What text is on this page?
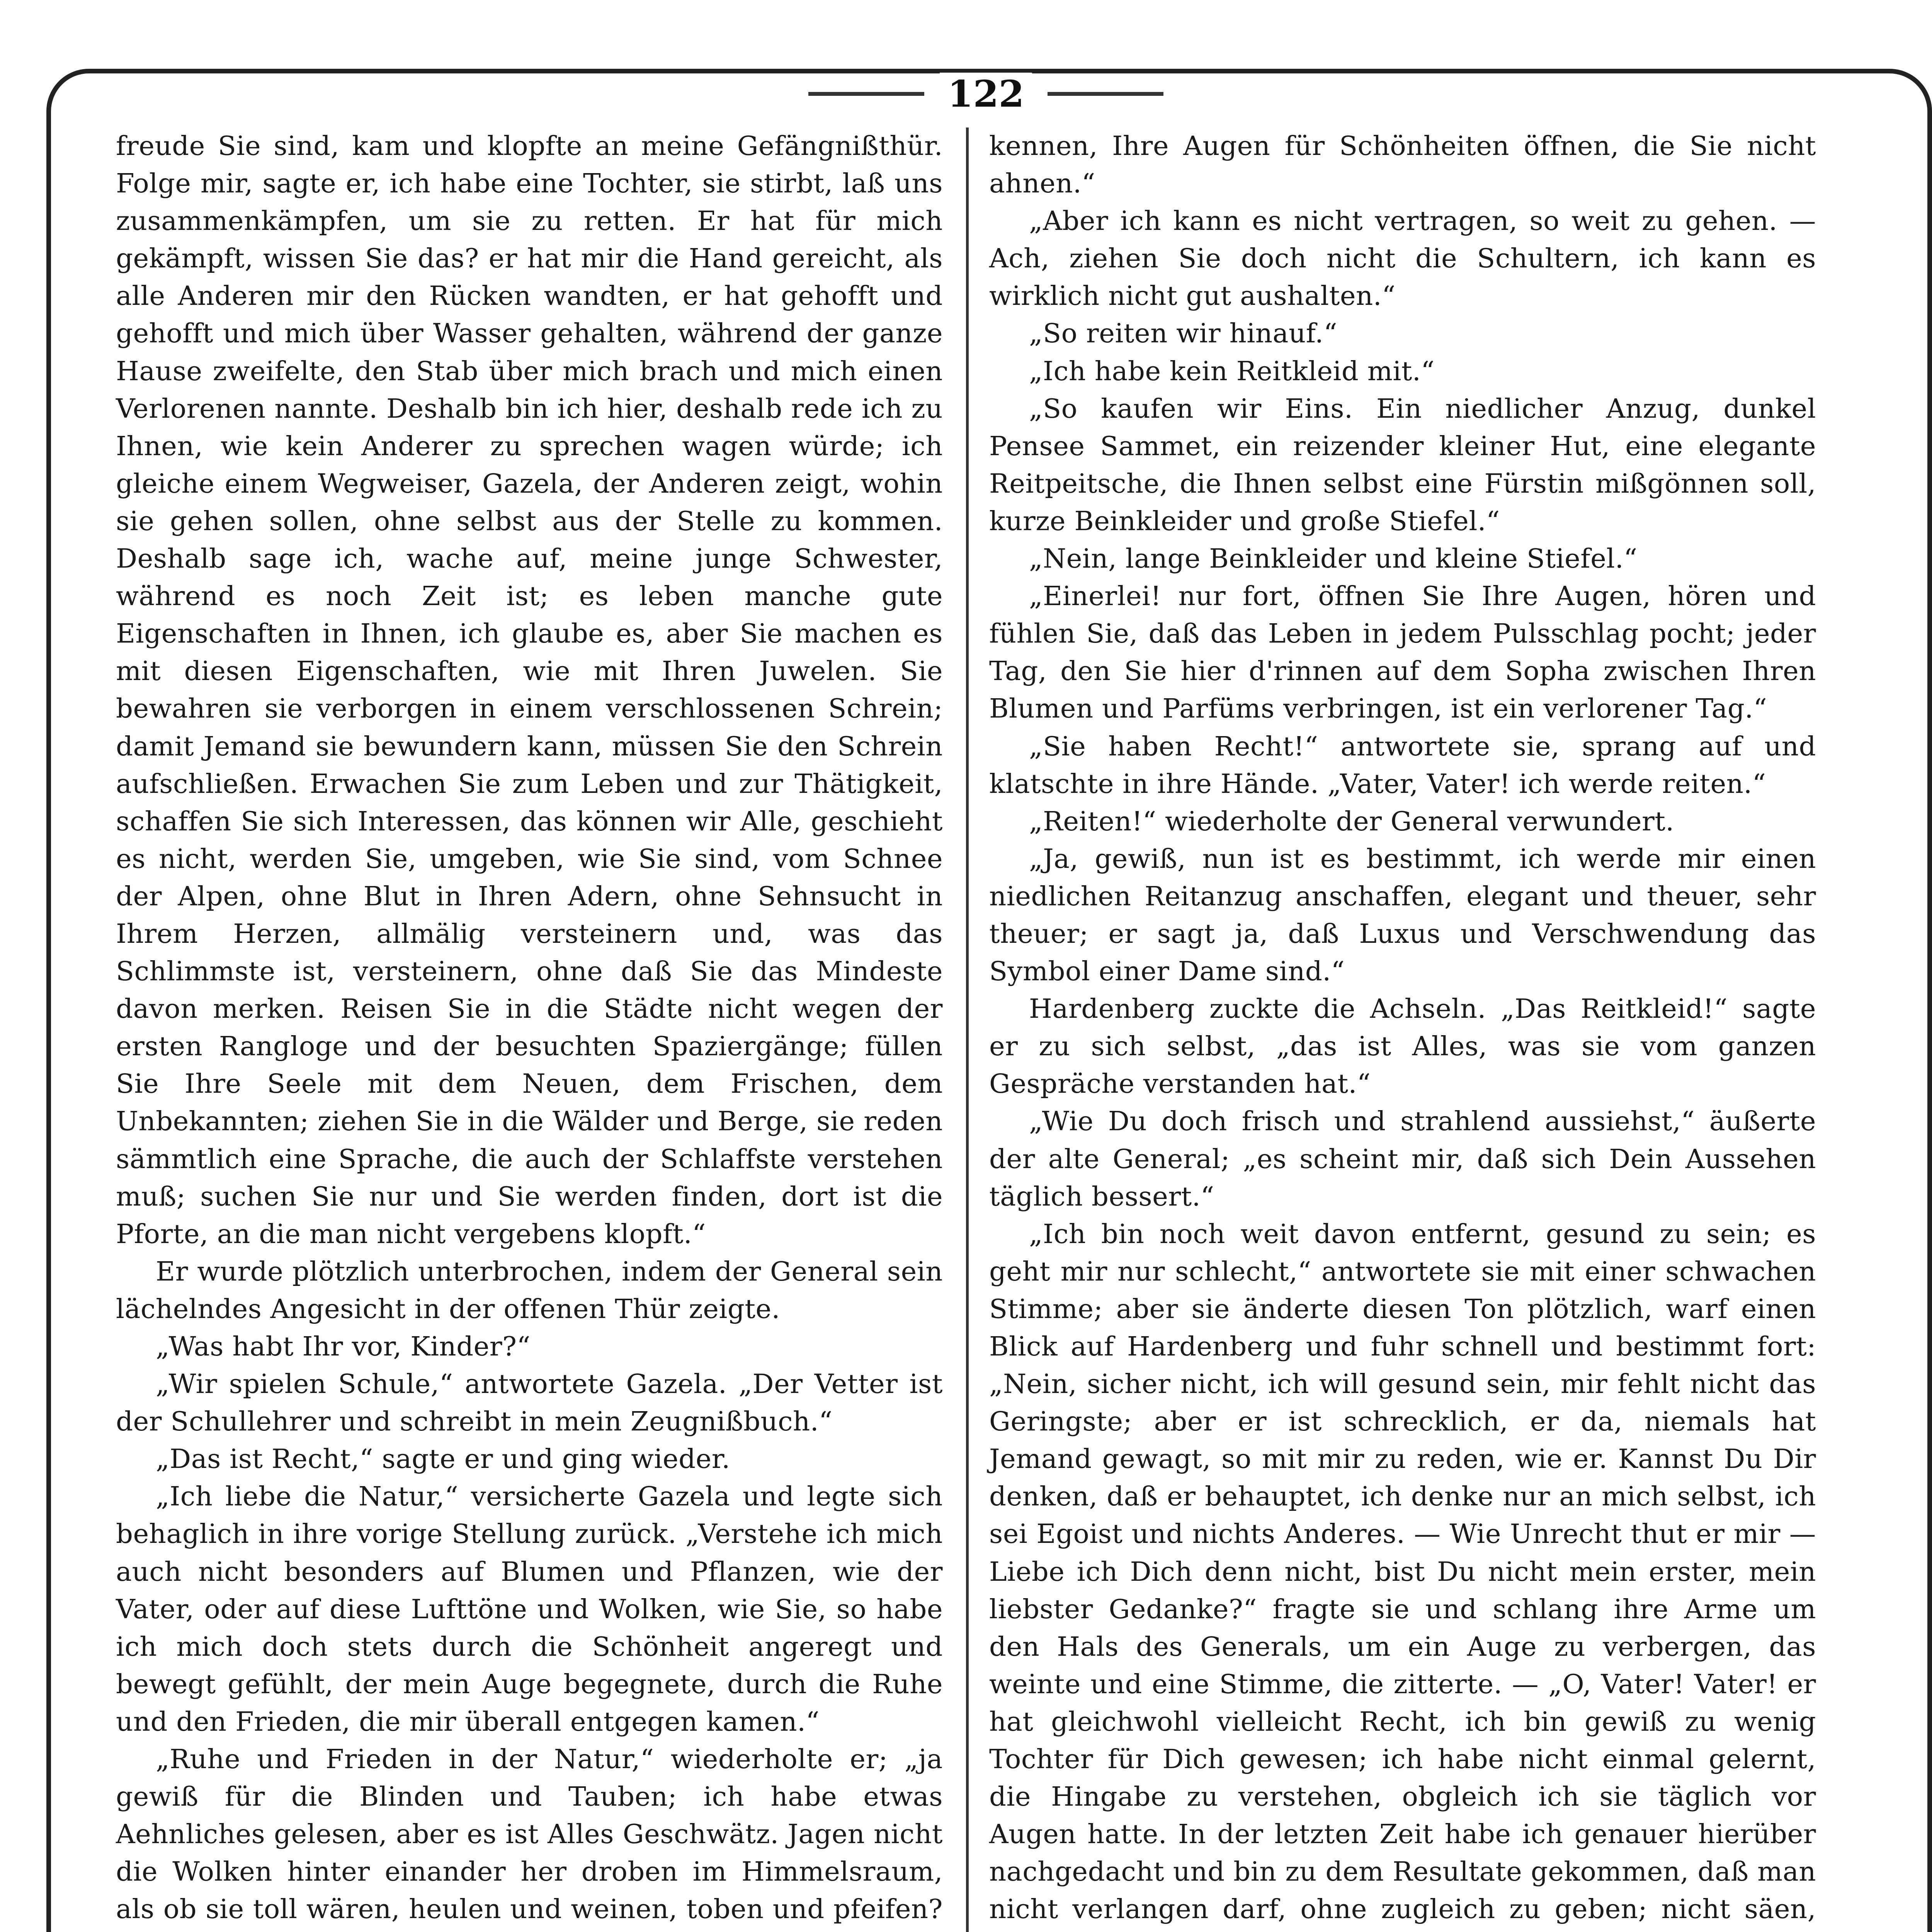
122

freude Sie sind, kam und klopfte an meine Gefängnißthür. Folge mir, sagte er, ich habe eine Tochter, sie stirbt, laß uns zusammenkämpfen, um sie zu retten. Er hat für mich gekämpft, wissen Sie das? er hat mir die Hand gereicht, als alle Anderen mir den Rücken wandten, er hat gehofft und gehofft und mich über Wasser gehalten, während der ganze Hause zweifelte, den Stab über mich brach und mich einen Verlorenen nannte. Deshalb bin ich hier, deshalb rede ich zu Ihnen, wie kein Anderer zu sprechen wagen würde; ich gleiche einem Wegweiser, Gazela, der Anderen zeigt, wohin sie gehen sollen, ohne selbst aus der Stelle zu kommen. Deshalb sage ich, wache auf, meine junge Schwester, während es noch Zeit ist; es leben manche gute Eigenschaften in Ihnen, ich glaube es, aber Sie machen es mit diesen Eigenschaften, wie mit Ihren Juwelen. Sie bewahren sie verborgen in einem verschlossenen Schrein; damit Jemand sie bewundern kann, müssen Sie den Schrein aufschließen. Erwachen Sie zum Leben und zur Thätigkeit, schaffen Sie sich Interessen, das können wir Alle, geschieht es nicht, werden Sie, umgeben, wie Sie sind, vom Schnee der Alpen, ohne Blut in Ihren Adern, ohne Sehnsucht in Ihrem Herzen, allmälig versteinern und, was das Schlimmste ist, versteinern, ohne daß Sie das Mindeste davon merken. Reisen Sie in die Städte nicht wegen der ersten Rangloge und der besuchten Spaziergänge; füllen Sie Ihre Seele mit dem Neuen, dem Frischen, dem Unbekannten; ziehen Sie in die Wälder und Berge, sie reden sämmtlich eine Sprache, die auch der Schlaffste verstehen muß; suchen Sie nur und Sie werden finden, dort ist die Pforte, an die man nicht vergebens klopft.“

Er wurde plötzlich unterbrochen, indem der General sein lächelndes Angesicht in der offenen Thür zeigte.

„Was habt Ihr vor, Kinder?“

„Wir spielen Schule,“ antwortete Gazela. „Der Vetter ist der Schullehrer und schreibt in mein Zeugnißbuch.“

„Das ist Recht,“ sagte er und ging wieder.

„Ich liebe die Natur,“ versicherte Gazela und legte sich behaglich in ihre vorige Stellung zurück. „Verstehe ich mich auch nicht besonders auf Blumen und Pflanzen, wie der Vater, oder auf diese Lufttöne und Wolken, wie Sie, so habe ich mich doch stets durch die Schönheit angeregt und bewegt gefühlt, der mein Auge begegnete, durch die Ruhe und den Frieden, die mir überall entgegen kamen.“

„Ruhe und Frieden in der Natur,“ wiederholte er; „ja gewiß für die Blinden und Tauben; ich habe etwas Aehnliches gelesen, aber es ist Alles Geschwätz. Jagen nicht die Wolken hinter einander her droben im Himmelsraum, als ob sie toll wären, heulen und weinen, toben und pfeifen?

kennen, Ihre Augen für Schönheiten öffnen, die Sie nicht ahnen.“

„Aber ich kann es nicht vertragen, so weit zu gehen. — Ach, ziehen Sie doch nicht die Schultern, ich kann es wirklich nicht gut aushalten.“

„So reiten wir hinauf.“

„Ich habe kein Reitkleid mit.“

„So kaufen wir Eins. Ein niedlicher Anzug, dunkel Pensee Sammet, ein reizender kleiner Hut, eine elegante Reitpeitsche, die Ihnen selbst eine Fürstin mißgönnen soll, kurze Beinkleider und große Stiefel.“

„Nein, lange Beinkleider und kleine Stiefel.“

„Einerlei! nur fort, öffnen Sie Ihre Augen, hören und fühlen Sie, daß das Leben in jedem Pulsschlag pocht; jeder Tag, den Sie hier d'rinnen auf dem Sopha zwischen Ihren Blumen und Parfüms verbringen, ist ein verlorener Tag.“

„Sie haben Recht!“ antwortete sie, sprang auf und klatschte in ihre Hände. „Vater, Vater! ich werde reiten.“

„Reiten!“ wiederholte der General verwundert.

„Ja, gewiß, nun ist es bestimmt, ich werde mir einen niedlichen Reitanzug anschaffen, elegant und theuer, sehr theuer; er sagt ja, daß Luxus und Verschwendung das Symbol einer Dame sind.“

Hardenberg zuckte die Achseln. „Das Reitkleid!“ sagte er zu sich selbst, „das ist Alles, was sie vom ganzen Gespräche verstanden hat.“

„Wie Du doch frisch und strahlend aussiehst,“ äußerte der alte General; „es scheint mir, daß sich Dein Aussehen täglich bessert.“

„Ich bin noch weit davon entfernt, gesund zu sein; es geht mir nur schlecht,“ antwortete sie mit einer schwachen Stimme; aber sie änderte diesen Ton plötzlich, warf einen Blick auf Hardenberg und fuhr schnell und bestimmt fort: „Nein, sicher nicht, ich will gesund sein, mir fehlt nicht das Geringste; aber er ist schrecklich, er da, niemals hat Jemand gewagt, so mit mir zu reden, wie er. Kannst Du Dir denken, daß er behauptet, ich denke nur an mich selbst, ich sei Egoist und nichts Anderes. — Wie Unrecht thut er mir — Liebe ich Dich denn nicht, bist Du nicht mein erster, mein liebster Gedanke?“ fragte sie und schlang ihre Arme um den Hals des Generals, um ein Auge zu verbergen, das weinte und eine Stimme, die zitterte. — „O, Vater! Vater! er hat gleichwohl vielleicht Recht, ich bin gewiß zu wenig Tochter für Dich gewesen; ich habe nicht einmal gelernt, die Hingabe zu verstehen, obgleich ich sie täglich vor Augen hatte. In der letzten Zeit habe ich genauer hierüber nachgedacht und bin zu dem Resultate gekommen, daß man nicht verlangen darf, ohne zugleich zu geben; nicht säen,
